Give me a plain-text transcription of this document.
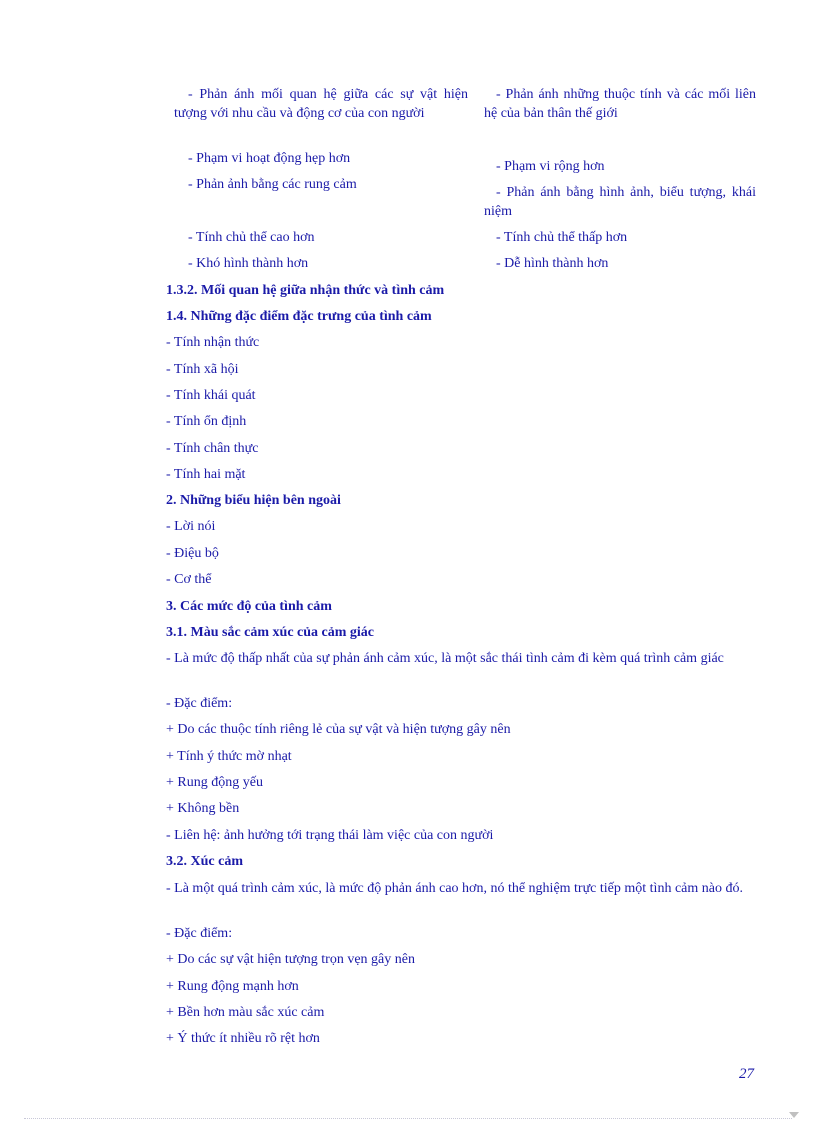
- Phản ánh mối quan hệ giữa các sự vật hiện tượng với nhu cầu và động cơ của con người
- Phản ánh những thuộc tính và các mối liên hệ của bản thân thế giới
- Phạm vi hoạt động hẹp hơn
- Phản ảnh bằng các rung cảm
- Tính chủ thể cao hơn
- Khó hình thành hơn
- Phạm vi rộng hơn
- Phản ánh bằng hình ảnh, biểu tượng, khái niệm
- Tính chủ thể thấp hơn
- Dễ hình thành hơn
1.3.2. Mối quan hệ giữa nhận thức và tình cảm
1.4. Những đặc điểm đặc trưng của tình cảm
- Tính nhận thức
- Tính xã hội
- Tính khái quát
- Tính ổn định
- Tính chân thực
- Tính hai mặt
2. Những biểu hiện bên ngoài
- Lời nói
- Điệu bộ
- Cơ thể
3. Các mức độ của tình cảm
3.1. Màu sắc cảm xúc của cảm giác
- Là mức độ thấp nhất của sự phản ánh cảm xúc, là một sắc thái tình cảm đi kèm quá trình cảm giác
- Đặc điểm:
+ Do các thuộc tính riêng lẻ của sự vật và hiện tượng gây nên
+ Tính ý thức mờ nhạt
+ Rung động yếu
+ Không bền
- Liên hệ: ảnh hưởng tới trạng thái làm việc của con người
3.2. Xúc cảm
- Là một quá trình cảm xúc, là mức độ phản ánh cao hơn, nó thể nghiệm trực tiếp một tình cảm nào đó.
- Đặc điểm:
+ Do các sự vật hiện tượng trọn vẹn gây nên
+ Rung động mạnh hơn
+ Bền hơn màu sắc xúc cảm
+ Ý thức ít nhiều rõ rệt hơn
27
